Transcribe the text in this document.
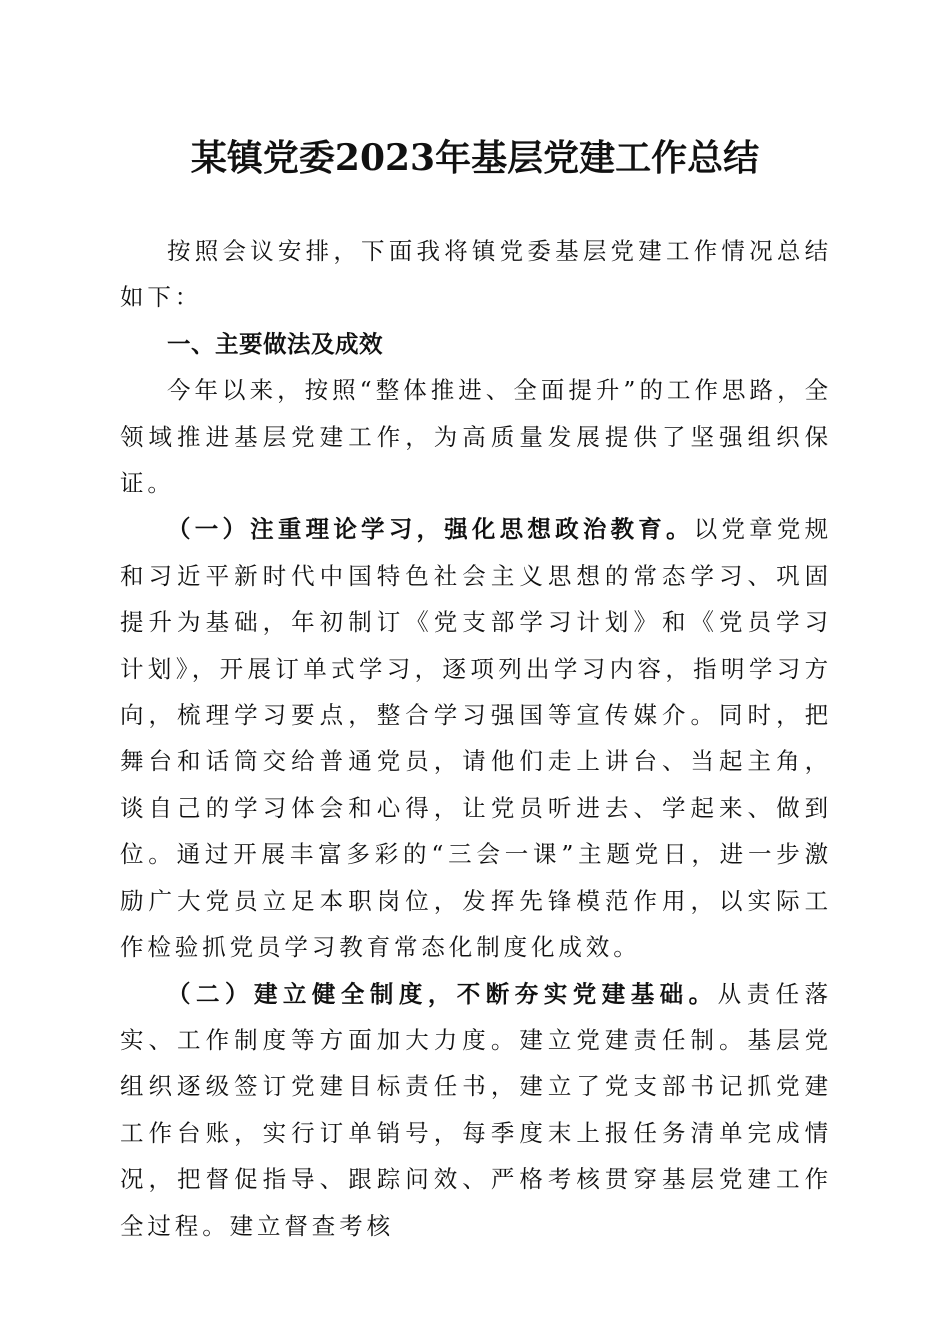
某镇党委2023年基层党建工作总结

按照会议安排，下面我将镇党委基层党建工作情况总结如下：

一、主要做法及成效

今年以来，按照“整体推进、全面提升”的工作思路，全领域推进基层党建工作，为高质量发展提供了坚强组织保证。

（一）注重理论学习，强化思想政治教育。以党章党规和习近平新时代中国特色社会主义思想的常态学习、巩固提升为基础，年初制订《党支部学习计划》和《党员学习计划》，开展订单式学习，逐项列出学习内容，指明学习方向，梳理学习要点，整合学习强国等宣传媒介。同时，把舞台和话筒交给普通党员，请他们走上讲台、当起主角，谈自己的学习体会和心得，让党员听进去、学起来、做到位。通过开展丰富多彩的“三会一课”主题党日，进一步激励广大党员立足本职岗位，发挥先锋模范作用，以实际工作检验抓党员学习教育常态化制度化成效。

（二）建立健全制度，不断夯实党建基础。从责任落实、工作制度等方面加大力度。建立党建责任制。基层党组织逐级签订党建目标责任书，建立了党支部书记抓党建工作台账，实行订单销号，每季度末上报任务清单完成情况，把督促指导、跟踪问效、严格考核贯穿基层党建工作全过程。建立督查考核
